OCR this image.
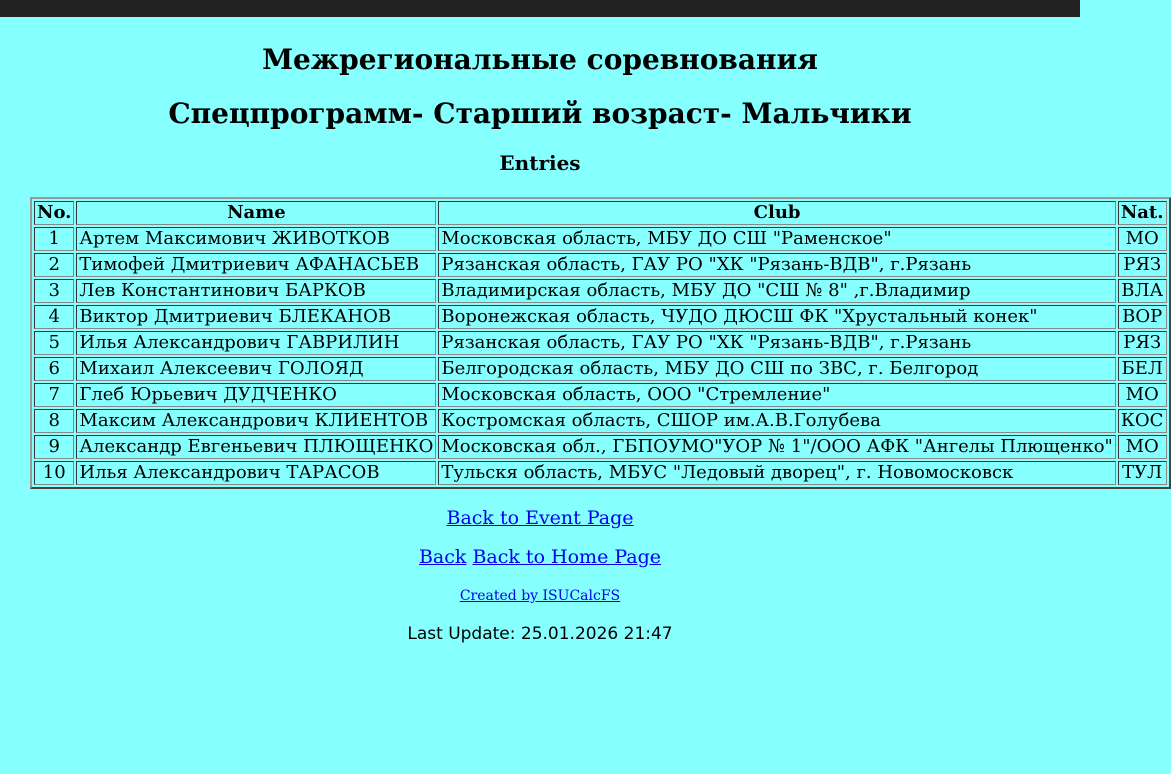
Межрегиональные соревнования
Спецпрограмм- Старший возраст- Мальчики
Entries
No.	Name	Club	Nat.
1	Артем Максимович ЖИВОТКОВ	Московская область, МБУ ДО СШ "Раменское"	МО
2	Тимофей Дмитриевич АФАНАСЬЕВ	Рязанская область, ГАУ РО "ХК "Рязань-ВДВ", г.Рязань	РЯЗ
3	Лев Константинович БАРКОВ	Владимирская область, МБУ ДО "СШ № 8" ,г.Владимир	ВЛА
4	Виктор Дмитриевич БЛЕКАНОВ	Воронежская область, ЧУДО ДЮСШ ФК "Хрустальный конек"	ВОР
5	Илья Александрович ГАВРИЛИН	Рязанская область, ГАУ РО "ХК "Рязань-ВДВ", г.Рязань	РЯЗ
6	Михаил Алексеевич ГОЛОЯД	Белгородская область, МБУ ДО СШ по ЗВС, г. Белгород	БЕЛ
7	Глеб Юрьевич ДУДЧЕНКО	Московская область, ООО "Стремление"	МО
8	Максим Александрович КЛИЕНТОВ	Костромская область, СШОР им.А.В.Голубева	КОС
9	Александр Евгеньевич ПЛЮЩЕНКО	Московская обл., ГБПОУМО"УОР № 1"/ООО АФК "Ангелы Плющенко"	МО
10	Илья Александрович ТАРАСОВ	Тульскя область, МБУС "Ледовый дворец", г. Новомосковск	ТУЛ
Back to Event Page
Back Back to Home Page
Created by ISUCalcFS
Last Update: 25.01.2026 21:47
